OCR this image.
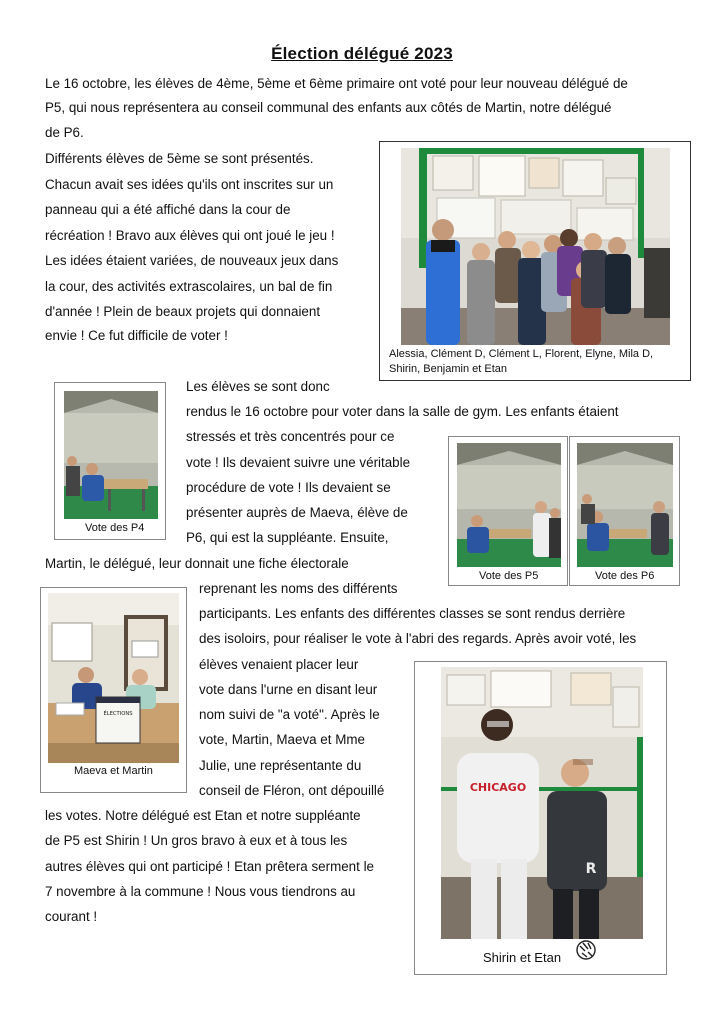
Élection délégué 2023
Le 16 octobre, les élèves de 4ème, 5ème et 6ème primaire ont voté pour leur nouveau délégué de
P5, qui nous représentera au conseil communal des enfants aux côtés de Martin, notre délégué
de P6.
Différents élèves de 5ème se sont présentés.
Chacun avait ses idées qu'ils ont inscrites sur un
panneau qui a été affiché dans la cour de
récréation ! Bravo aux élèves qui ont joué le jeu !
Les idées étaient variées, de nouveaux jeux dans
la cour, des activités extrascolaires, un bal de fin
d'année ! Plein de beaux projets qui donnaient
envie ! Ce fut difficile de voter !
Les élèves se sont donc
rendus le 16 octobre pour voter dans la salle de gym. Les enfants étaient
stressés et très concentrés pour ce
vote ! Ils devaient suivre une véritable
procédure de vote ! Ils devaient se
présenter auprès de Maeva, élève de
P6, qui est la suppléante. Ensuite,
Martin, le délégué, leur donnait une fiche électorale
reprenant les noms des différents
participants. Les enfants des différentes classes se sont rendus derrière
des isoloirs, pour réaliser le vote à l'abri des regards. Après avoir voté, les
élèves venaient placer leur
vote dans l'urne en disant leur
nom suivi de "a voté". Après le
vote, Martin, Maeva et Mme
Julie, une représentante du
conseil de Fléron, ont dépouillé
les votes. Notre délégué est Etan et notre suppléante
de P5 est Shirin ! Un gros bravo à eux et à tous les
autres élèves qui ont participé ! Etan prêtera serment le
7 novembre à la commune ! Nous vous tiendrons au
courant !
Alessia, Clément D, Clément L, Florent, Elyne, Mila D,
Shirin, Benjamin et Etan
Vote des P4
Vote des P5	Vote des P6
ÉLECTIONS
Maeva et Martin
CHICAGO
R
Shirin et Etan
